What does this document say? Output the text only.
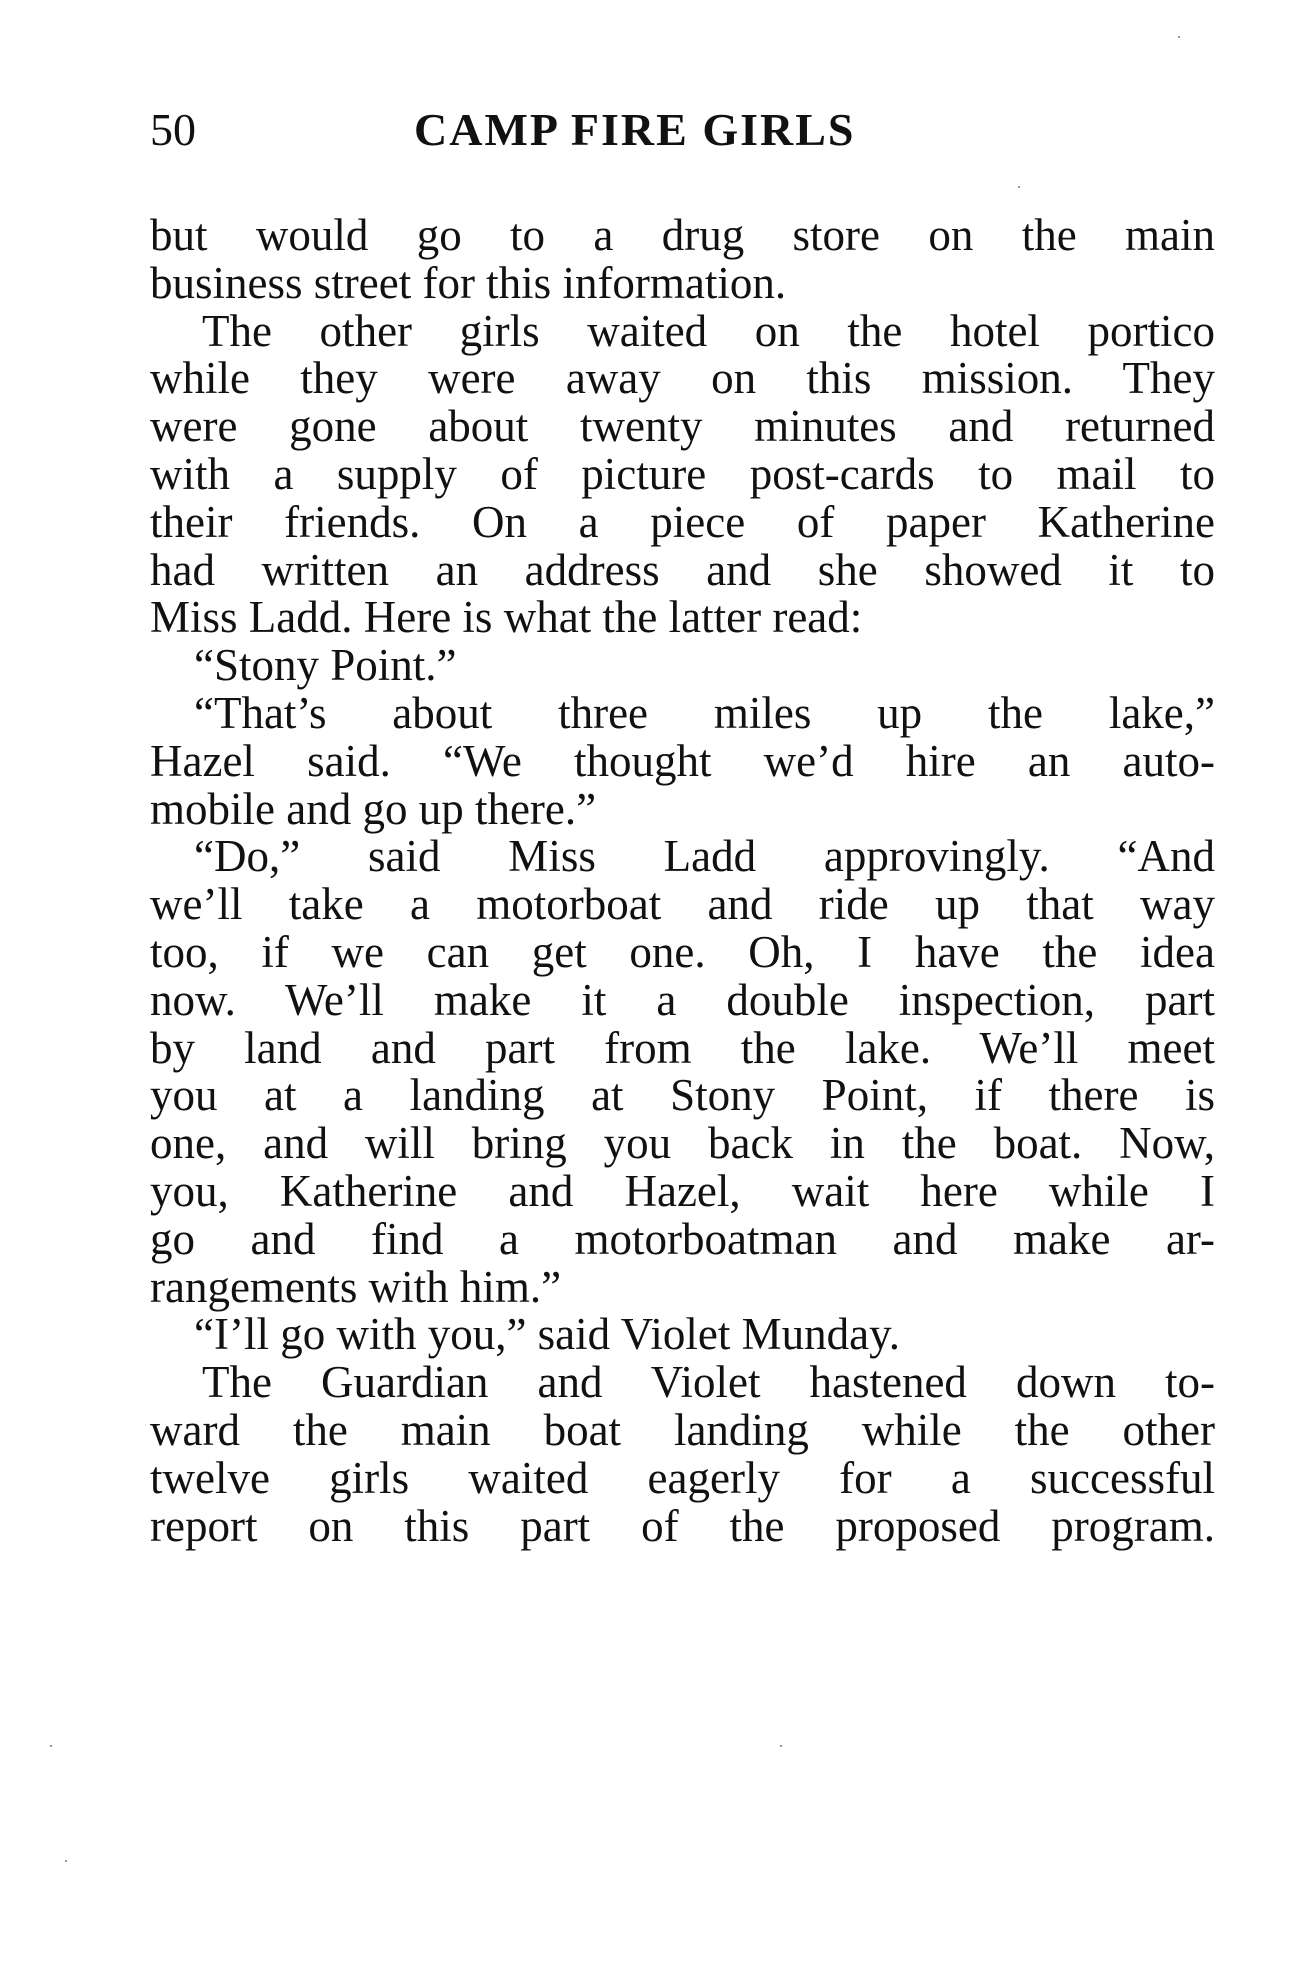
50	CAMP FIRE GIRLS
but would go to a drug store on the main
business street for this information.
The other girls waited on the hotel portico
while they were away on this mission. They
were gone about twenty minutes and returned
with a supply of picture post-cards to mail to
their friends. On a piece of paper Katherine
had written an address and she showed it to
Miss Ladd. Here is what the latter read:
“Stony Point.”
“That’s about three miles up the lake,”
Hazel said. “We thought we’d hire an auto-
mobile and go up there.”
“Do,” said Miss Ladd approvingly. “And
we’ll take a motorboat and ride up that way
too, if we can get one. Oh, I have the idea
now. We’ll make it a double inspection, part
by land and part from the lake. We’ll meet
you at a landing at Stony Point, if there is
one, and will bring you back in the boat. Now,
you, Katherine and Hazel, wait here while I
go and find a motorboatman and make ar-
rangements with him.”
“I’ll go with you,” said Violet Munday.
The Guardian and Violet hastened down to-
ward the main boat landing while the other
twelve girls waited eagerly for a successful
report on this part of the proposed program.
